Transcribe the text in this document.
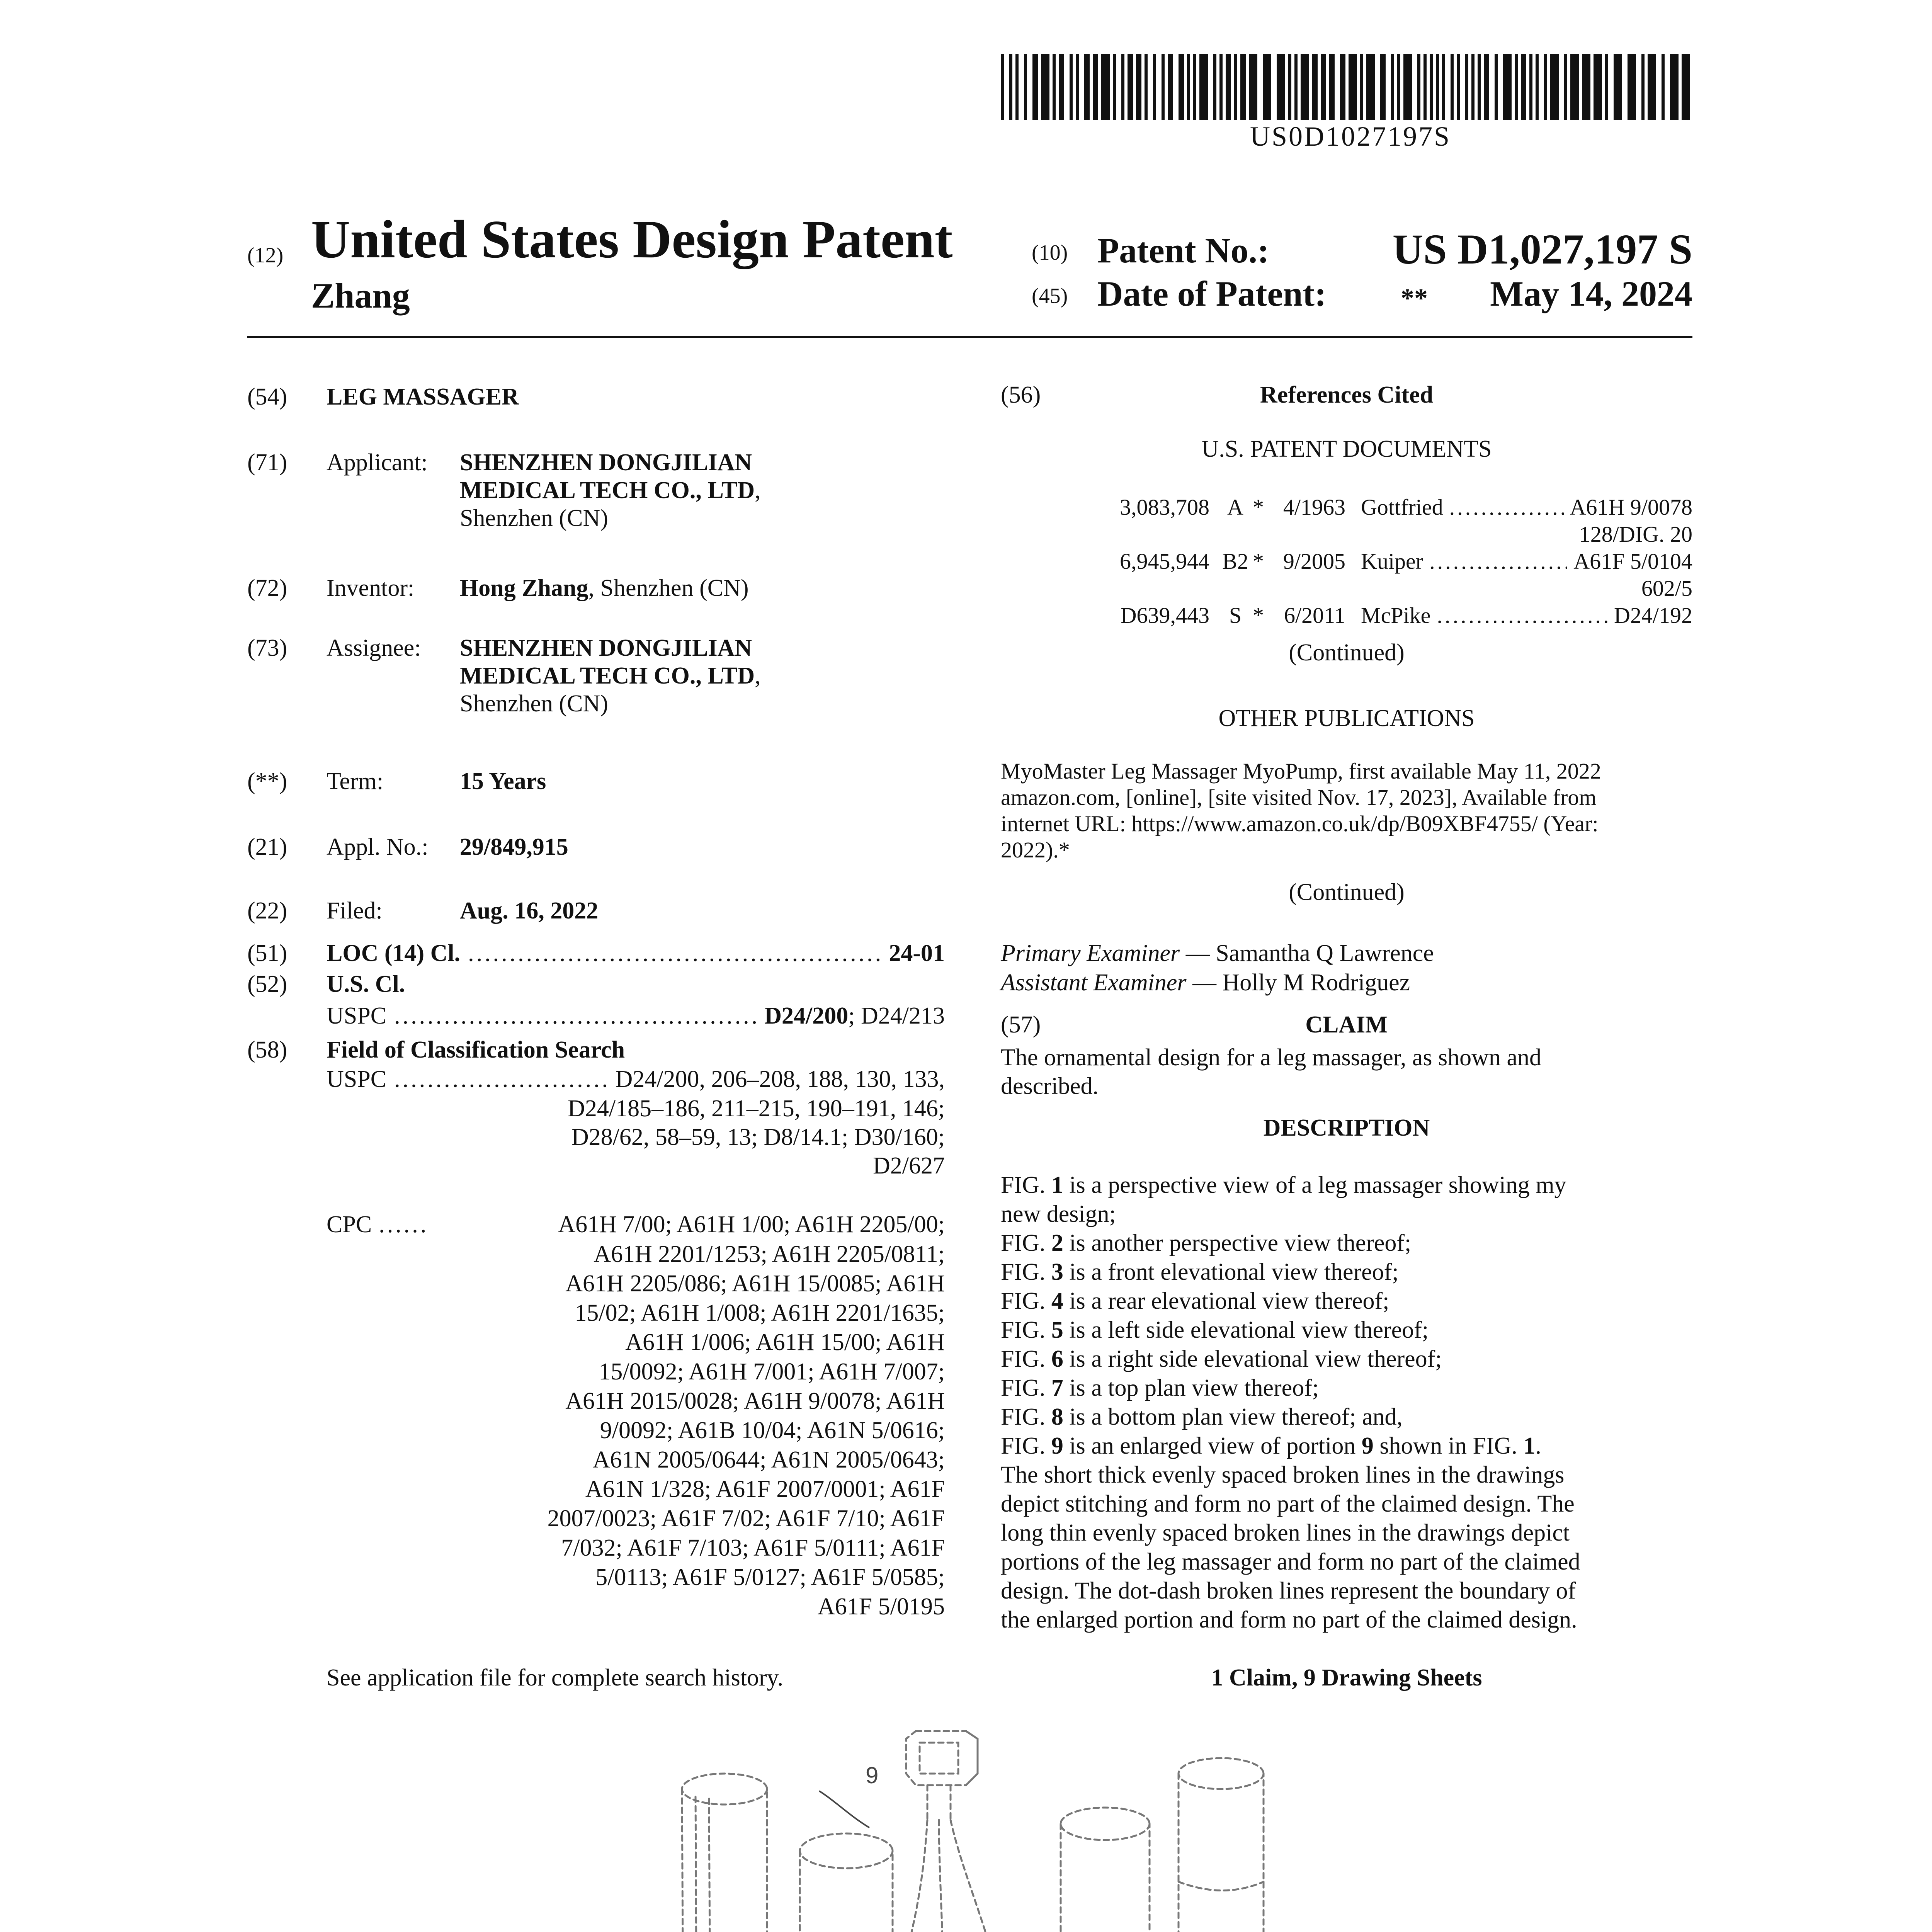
US0D1027197S
(12) United States Design Patent
Zhang
(10) Patent No.:	US D1,027,197 S
(45) Date of Patent:	**	May 14, 2024
(54) LEG MASSAGER
(71) Applicant: SHENZHEN DONGJILIAN
MEDICAL TECH CO., LTD,
Shenzhen (CN)
(72) Inventor: Hong Zhang, Shenzhen (CN)
(73) Assignee: SHENZHEN DONGJILIAN
MEDICAL TECH CO., LTD,
Shenzhen (CN)
(**) Term:	15 Years
(21) Appl. No.: 29/849,915
(22) Filed:	Aug. 16, 2022
(51) LOC (14) Cl. .....	24-01
(52) U.S. Cl.
USPC .....	D24/200; D24/213
(58) Field of Classification Search
USPC .....	D24/200, 206–208, 188, 130, 133,
D24/185–186, 211–215, 190–191, 146;
D28/62, 58–59, 13; D8/14.1; D30/160;
D2/627
CPC .....	A61H 7/00; A61H 1/00; A61H 2205/00;
A61H 2201/1253; A61H 2205/0811;
A61H 2205/086; A61H 15/0085; A61H
15/02; A61H 1/008; A61H 2201/1635;
A61H 1/006; A61H 15/00; A61H
15/0092; A61H 7/001; A61H 7/007;
A61H 2015/0028; A61H 9/0078; A61H
9/0092; A61B 10/04; A61N 5/0616;
A61N 2005/0644; A61N 2005/0643;
A61N 1/328; A61F 2007/0001; A61F
2007/0023; A61F 7/02; A61F 7/10; A61F
7/032; A61F 7/103; A61F 5/0111; A61F
5/0113; A61F 5/0127; A61F 5/0585;
A61F 5/0195
See application file for complete search history.
(56)	References Cited
U.S. PATENT DOCUMENTS
3,083,708 A * 4/1963 Gottfried .....	A61H 9/0078
128/DIG. 20
6,945,944 B2 * 9/2005 Kuiper .....	A61F 5/0104
602/5
D639,443 S * 6/2011 McPike .....	D24/192
(Continued)
OTHER PUBLICATIONS
MyoMaster Leg Massager MyoPump, first available May 11, 2022
amazon.com, [online], [site visited Nov. 17, 2023], Available from
internet URL: https://www.amazon.co.uk/dp/B09XBF4755/ (Year:
2022).*
(Continued)
Primary Examiner — Samantha Q Lawrence
Assistant Examiner — Holly M Rodriguez
(57)	CLAIM
The ornamental design for a leg massager, as shown and
described.
DESCRIPTION
FIG. 1 is a perspective view of a leg massager showing my
new design;
FIG. 2 is another perspective view thereof;
FIG. 3 is a front elevational view thereof;
FIG. 4 is a rear elevational view thereof;
FIG. 5 is a left side elevational view thereof;
FIG. 6 is a right side elevational view thereof;
FIG. 7 is a top plan view thereof;
FIG. 8 is a bottom plan view thereof; and,
FIG. 9 is an enlarged view of portion 9 shown in FIG. 1.
The short thick evenly spaced broken lines in the drawings
depict stitching and form no part of the claimed design. The
long thin evenly spaced broken lines in the drawings depict
portions of the leg massager and form no part of the claimed
design. The dot-dash broken lines represent the boundary of
the enlarged portion and form no part of the claimed design.
1 Claim, 9 Drawing Sheets
9
